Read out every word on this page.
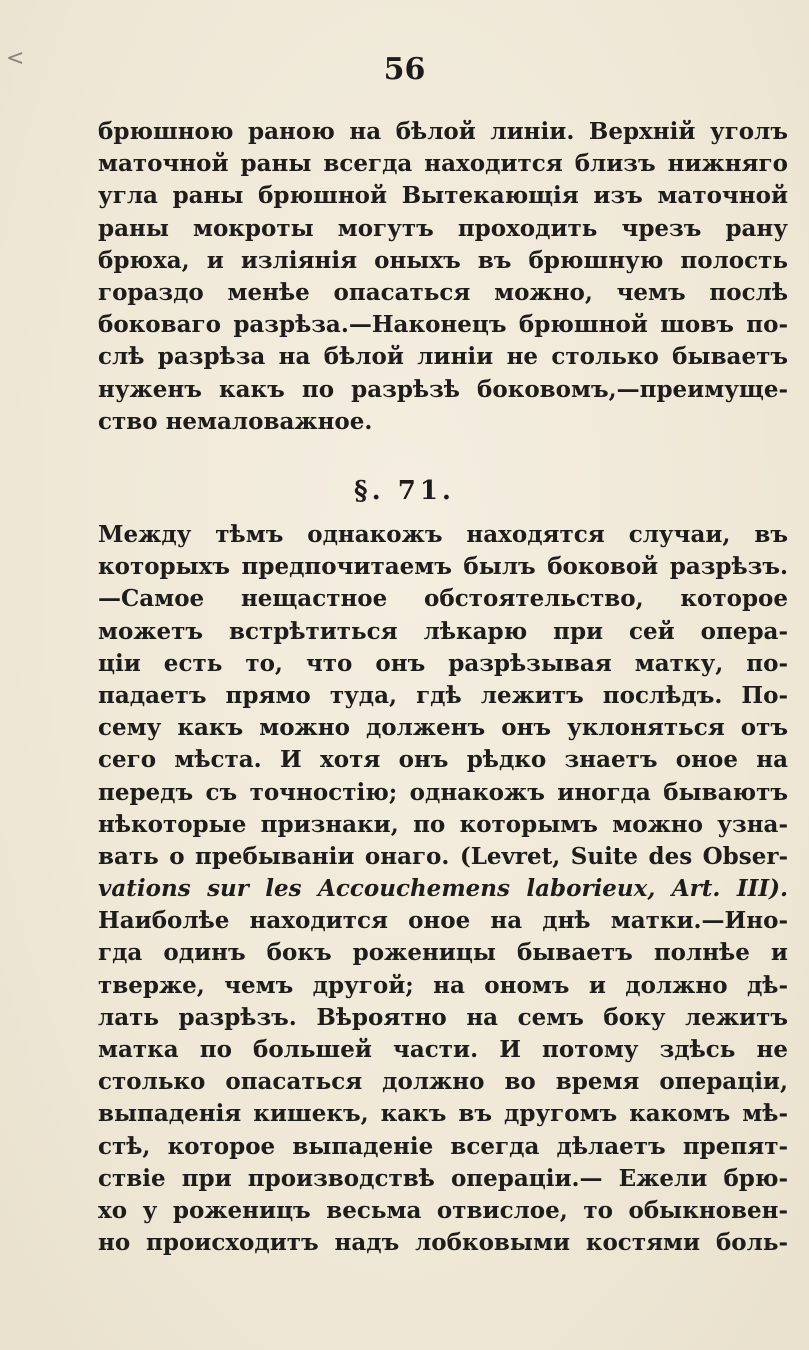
<	56
брюшною раною на бѣлой линіи. Верхній уголъ
маточной раны всегда находится близъ нижняго
угла раны брюшной Вытекающія изъ маточной
раны мокроты могутъ проходить чрезъ рану
брюха, и изліянія оныхъ въ брюшную полость
гораздо менѣе опасаться можно, чемъ послѣ
боковаго разрѣза.—Наконецъ брюшной шовъ по-
слѣ разрѣза на бѣлой линіи не столько бываетъ
нуженъ какъ по разрѣзѣ боковомъ,—преимуще-
ство немаловажное.
§. 71.
Между тѣмъ однакожъ находятся случаи, въ
которыхъ предпочитаемъ былъ боковой разрѣзъ.
—Самое нещастное обстоятельство, которое
можетъ встрѣтиться лѣкарю при сей опера-
ціи есть то, что онъ разрѣзывая матку, по-
падаетъ прямо туда, гдѣ лежитъ послѣдъ. По-
сему какъ можно долженъ онъ уклоняться отъ
сего мѣста. И хотя онъ рѣдко знаетъ оное на
передъ съ точностію; однакожъ иногда бываютъ
нѣкоторые признаки, по которымъ можно узна-
вать о пребываніи онаго. (Levret, Suite des Obser-
vations sur les Accouchemens laborieux, Art. III).
Наиболѣе находится оное на днѣ матки.—Ино-
гда одинъ бокъ роженицы бываетъ полнѣе и
тверже, чемъ другой; на ономъ и должно дѣ-
лать разрѣзъ. Вѣроятно на семъ боку лежитъ
матка по большей части. И потому здѣсь не
столько опасаться должно во время операціи,
выпаденія кишекъ, какъ въ другомъ какомъ мѣ-
стѣ, которое выпаденіе всегда дѣлаетъ препят-
ствіе при производствѣ операціи.— Ежели брю-
хо у роженицъ весьма отвислое, то обыкновен-
но происходитъ надъ лобковыми костями боль-
